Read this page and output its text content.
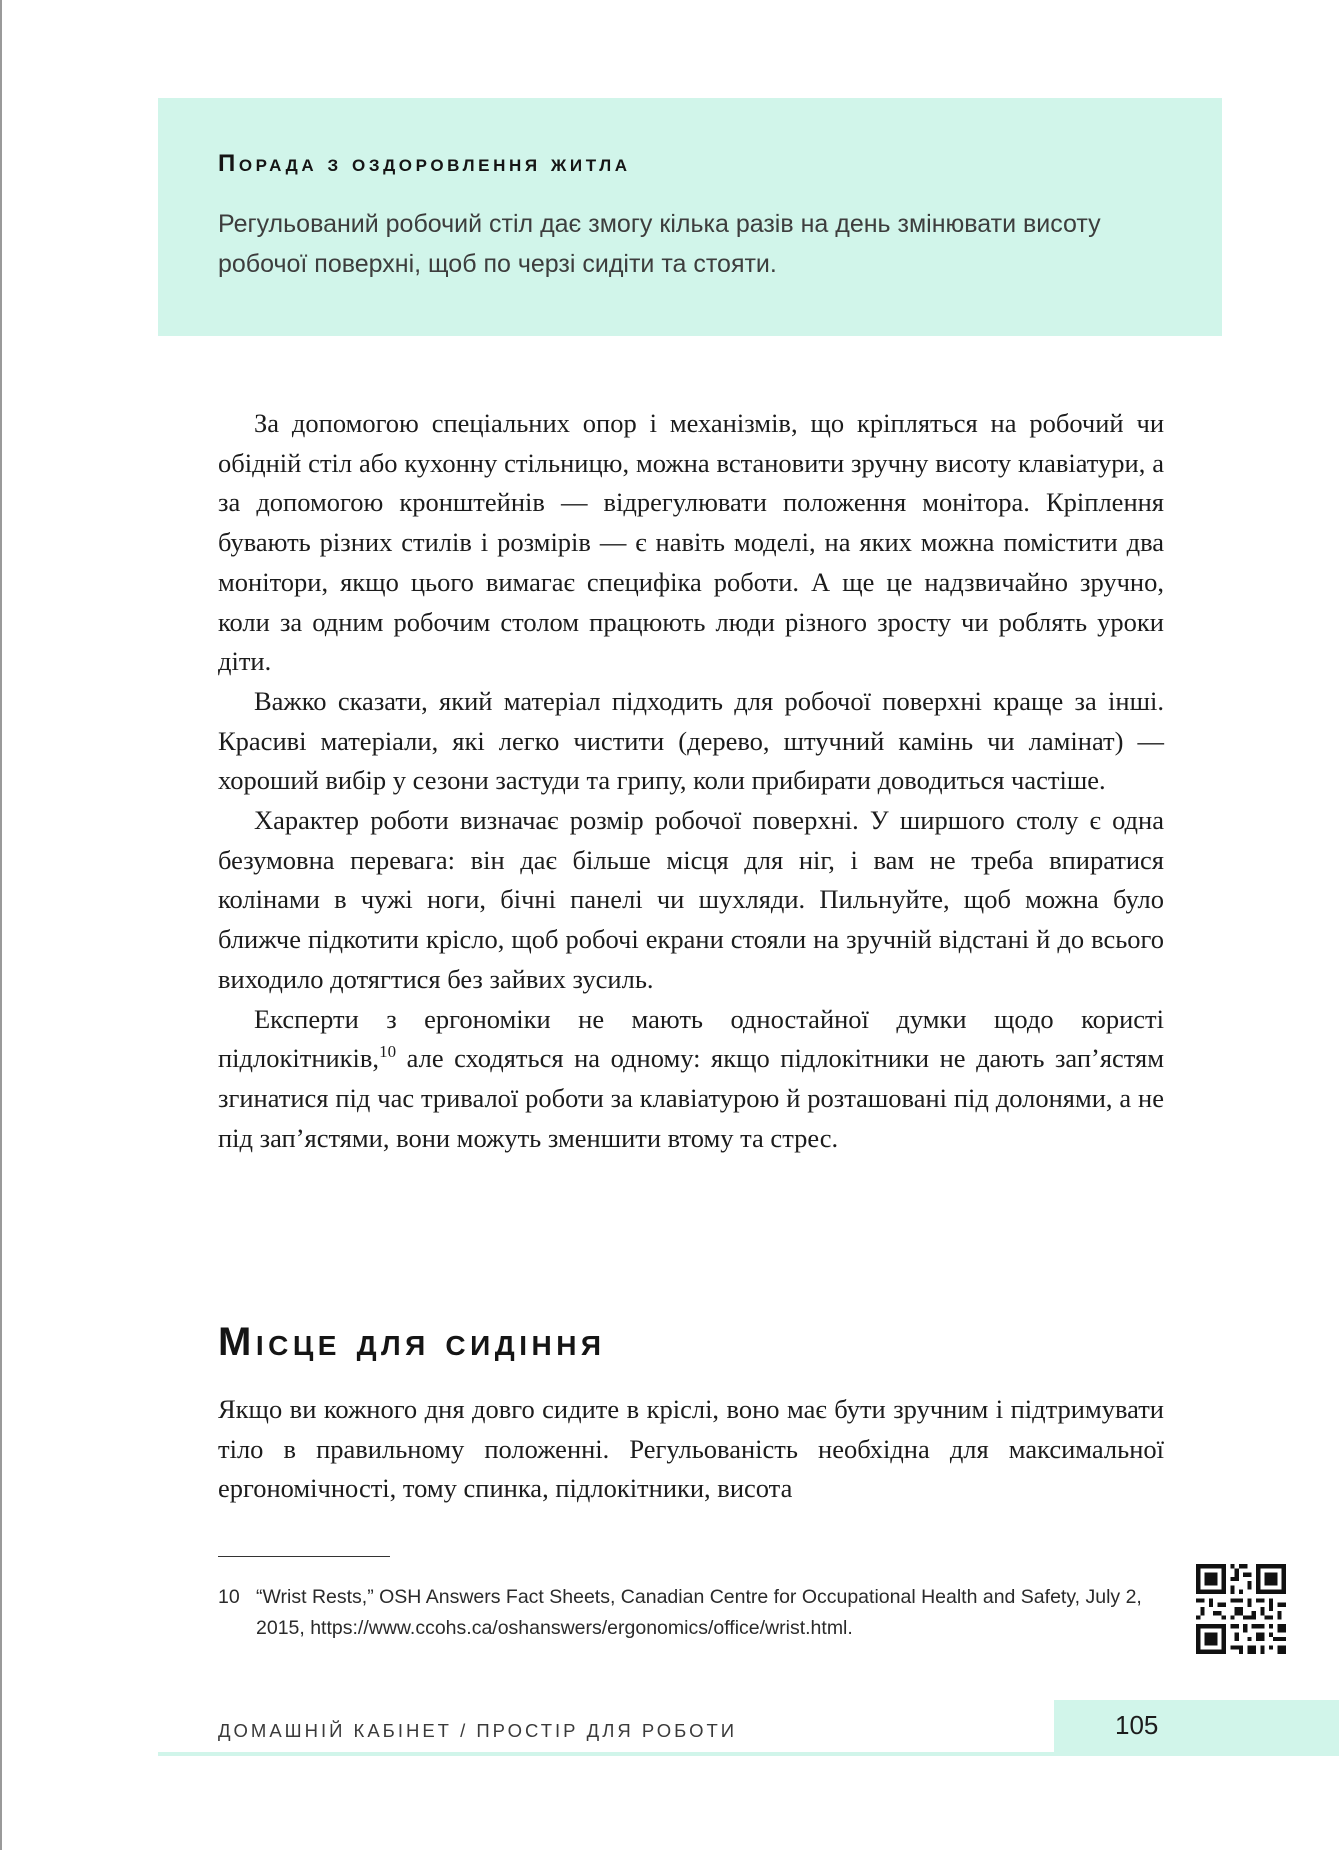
Порада з оздоровлення житла
Регульований робочий стіл дає змогу кілька разів на день змінювати висоту робочої поверхні, щоб по черзі сидіти та стояти.

За допомогою спеціальних опор і механізмів, що кріпляться на робочий чи обідній стіл або кухонну стільницю, можна встановити зручну висоту клавіатури, а за допомогою кронштейнів — відрегулювати положення монітора. Кріплення бувають різних стилів і розмірів — є навіть моделі, на яких можна помістити два монітори, якщо цього вимагає специфіка роботи. А ще це надзвичайно зручно, коли за одним робочим столом працюють люди різного зросту чи роблять уроки діти.

Важко сказати, який матеріал підходить для робочої поверхні краще за інші. Красиві матеріали, які легко чистити (дерево, штучний камінь чи ламінат) — хороший вибір у сезони застуди та грипу, коли прибирати доводиться частіше.

Характер роботи визначає розмір робочої поверхні. У ширшого столу є одна безумовна перевага: він дає більше місця для ніг, і вам не треба впиратися колінами в чужі ноги, бічні панелі чи шухляди. Пильнуйте, щоб можна було ближче підкотити крісло, щоб робочі екрани стояли на зручній відстані й до всього виходило дотягтися без зайвих зусиль.

Експерти з ергономіки не мають одностайної думки щодо користі підлокітників,$^{10}$ але сходяться на одному: якщо підлокітники не дають зап’ястям згинатися під час тривалої роботи за клавіатурою й розташовані під долонями, а не під зап’ястями, вони можуть зменшити втому та стрес.

Місце для сидіння
Якщо ви кожного дня довго сидите в кріслі, воно має бути зручним і підтримувати тіло в правильному положенні. Регульованість необхідна для максимальної ергономічності, тому спинка, підлокітники, висота
10 “Wrist Rests,” OSH Answers Fact Sheets, Canadian Centre for Occupational Health and Safety, July 2, 2015, https://www.ccohs.ca/oshanswers/ergonomics/office/wrist.html.
ДОМАШНІЙ КАБІНЕТ / ПРОСТІР ДЛЯ РОБОТИ	105
